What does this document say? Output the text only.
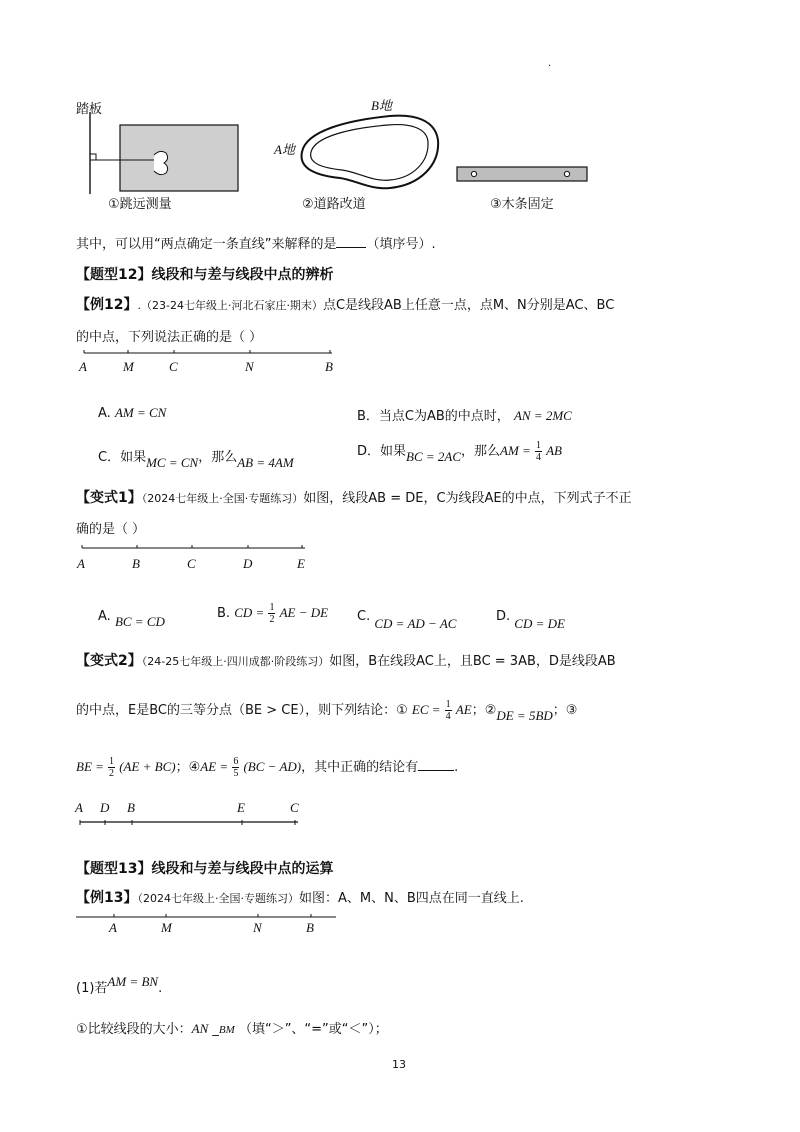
.
踏板	B地
A地
①跳远测量	②道路改道	③木条固定
其中，可以用“两点确定一条直线”来解释的是 （填序号）.
【题型12】线段和与差与线段中点的辨析
【例12】.（23-24七年级上·河北石家庄·期末）点C是线段AB上任意一点，点M、N分别是AC、BC
的中点，下列说法正确的是（ ）
A	M	C	N	B
A. AM = CN	B．当点C为AB的中点时， AN = 2MC
C．如果MC = CN，那么AB = 4AM
D．如果BC = 2AC，那么AM = $\frac{1}{4}$ AB
【变式1】（2024七年级上·全国·专题练习）如图，线段AB = DE，C为线段AE的中点，下列式子不正
确的是（ ）
A	B	C	D	E
A. BC = CD
B. CD = $\frac{1}{2}$ AE − DE C. CD = AD − AC	D. CD = DE
【变式2】（24-25七年级上·四川成都·阶段练习）如图，B在线段AC上，且BC = 3AB，D是线段AB
的中点，E是BC的三等分点（BE > CE），则下列结论：① EC = $\frac{1}{4}$ AE；②DE = 5BD；③
BE = $\frac{1}{2} (AE + BC)$；④AE = $\frac{6}{5} (BC - AD)$，其中正确的结论有	.
A D B	E	C
【题型13】线段和与差与线段中点的运算
【例13】（2024七年级上·全国·专题练习）如图：A、M、N、B四点在同一直线上.
A	M	N	B
(1)若AM = BN.
①比较线段的大小：AN _BM （填“＞”、“=”或“＜”）；
13
